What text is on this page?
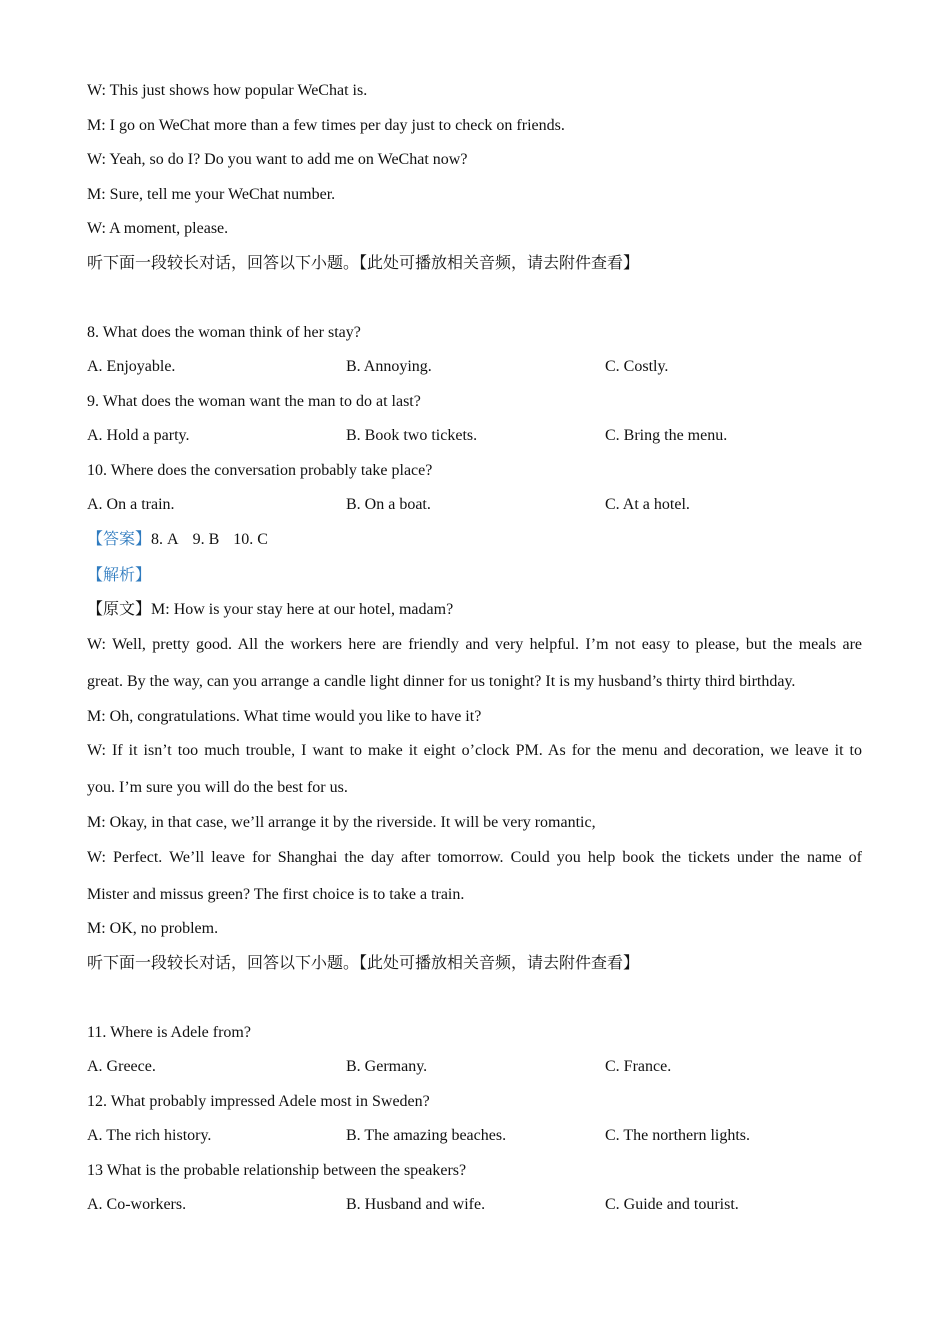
W: This just shows how popular WeChat is.
M: I go on WeChat more than a few times per day just to check on friends.
W: Yeah, so do I? Do you want to add me on WeChat now?
M: Sure, tell me your WeChat number.
W: A moment, please.
听下面一段较长对话，回答以下小题。【此处可播放相关音频，请去附件查看】
8. What does the woman think of her stay?
A. Enjoyable.	B. Annoying.	C. Costly.
9. What does the woman want the man to do at last?
A. Hold a party.	B. Book two tickets.	C. Bring the menu.
10. Where does the conversation probably take place?
A. On a train.	B. On a boat.	C. At a hotel.
【答案】8. A 9. B 10. C
【解析】
【原文】M: How is your stay here at our hotel, madam?
W: Well, pretty good. All the workers here are friendly and very helpful. I’m not easy to please, but the meals are
great. By the way, can you arrange a candle light dinner for us tonight? It is my husband’s thirty third birthday.
M: Oh, congratulations. What time would you like to have it?
W: If it isn’t too much trouble, I want to make it eight o’clock PM. As for the menu and decoration, we leave it to
you. I’m sure you will do the best for us.
M: Okay, in that case, we’ll arrange it by the riverside. It will be very romantic,
W: Perfect. We’ll leave for Shanghai the day after tomorrow. Could you help book the tickets under the name of
Mister and missus green? The first choice is to take a train.
M: OK, no problem.
听下面一段较长对话，回答以下小题。【此处可播放相关音频，请去附件查看】
11. Where is Adele from?
A. Greece.	B. Germany.	C. France.
12. What probably impressed Adele most in Sweden?
A. The rich history.	B. The amazing beaches.	C. The northern lights.
13 What is the probable relationship between the speakers?
A. Co-workers.	B. Husband and wife.	C. Guide and tourist.
